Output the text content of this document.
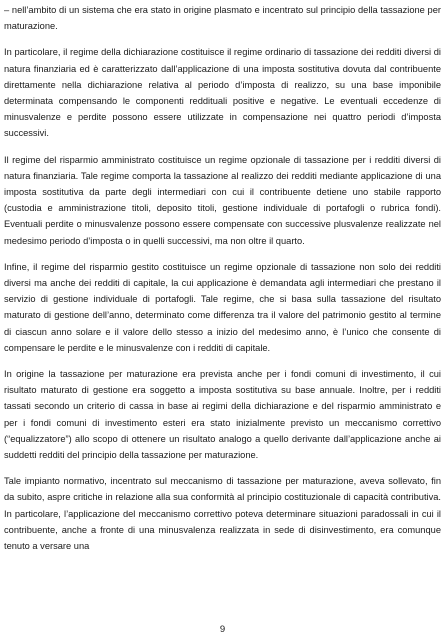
– nell’ambito di un sistema che era stato in origine plasmato e incentrato sul principio della tassazione per maturazione.

In particolare, il regime della dichiarazione costituisce il regime ordinario di tassazione dei redditi diversi di natura finanziaria ed è caratterizzato dall’applicazione di una imposta sostitutiva dovuta dal contribuente direttamente nella dichiarazione relativa al periodo d’imposta di realizzo, su una base imponibile determinata compensando le componenti reddituali positive e negative. Le eventuali eccedenze di minusvalenze e perdite possono essere utilizzate in compensazione nei quattro periodi d’imposta successivi.

Il regime del risparmio amministrato costituisce un regime opzionale di tassazione per i redditi diversi di natura finanziaria. Tale regime comporta la tassazione al realizzo dei redditi mediante applicazione di una imposta sostitutiva da parte degli intermediari con cui il contribuente detiene uno stabile rapporto (custodia e amministrazione titoli, deposito titoli, gestione individuale di portafogli o rubrica fondi). Eventuali perdite o minusvalenze possono essere compensate con successive plusvalenze realizzate nel medesimo periodo d’imposta o in quelli successivi, ma non oltre il quarto.

Infine, il regime del risparmio gestito costituisce un regime opzionale di tassazione non solo dei redditi diversi ma anche dei redditi di capitale, la cui applicazione è demandata agli intermediari che prestano il servizio di gestione individuale di portafogli. Tale regime, che si basa sulla tassazione del risultato maturato di gestione dell’anno, determinato come differenza tra il valore del patrimonio gestito al termine di ciascun anno solare e il valore dello stesso a inizio del medesimo anno, è l’unico che consente di compensare le perdite e le minusvalenze con i redditi di capitale.

In origine la tassazione per maturazione era prevista anche per i fondi comuni di investimento, il cui risultato maturato di gestione era soggetto a imposta sostitutiva su base annuale. Inoltre, per i redditi tassati secondo un criterio di cassa in base ai regimi della dichiarazione e del risparmio amministrato e per i fondi comuni di investimento esteri era stato inizialmente previsto un meccanismo correttivo (“equalizzatore”) allo scopo di ottenere un risultato analogo a quello derivante dall’applicazione anche ai suddetti redditi del principio della tassazione per maturazione.

Tale impianto normativo, incentrato sul meccanismo di tassazione per maturazione, aveva sollevato, fin da subito, aspre critiche in relazione alla sua conformità al principio costituzionale di capacità contributiva. In particolare, l’applicazione del meccanismo correttivo poteva determinare situazioni paradossali in cui il contribuente, anche a fronte di una minusvalenza realizzata in sede di disinvestimento, era comunque tenuto a versare una

9
